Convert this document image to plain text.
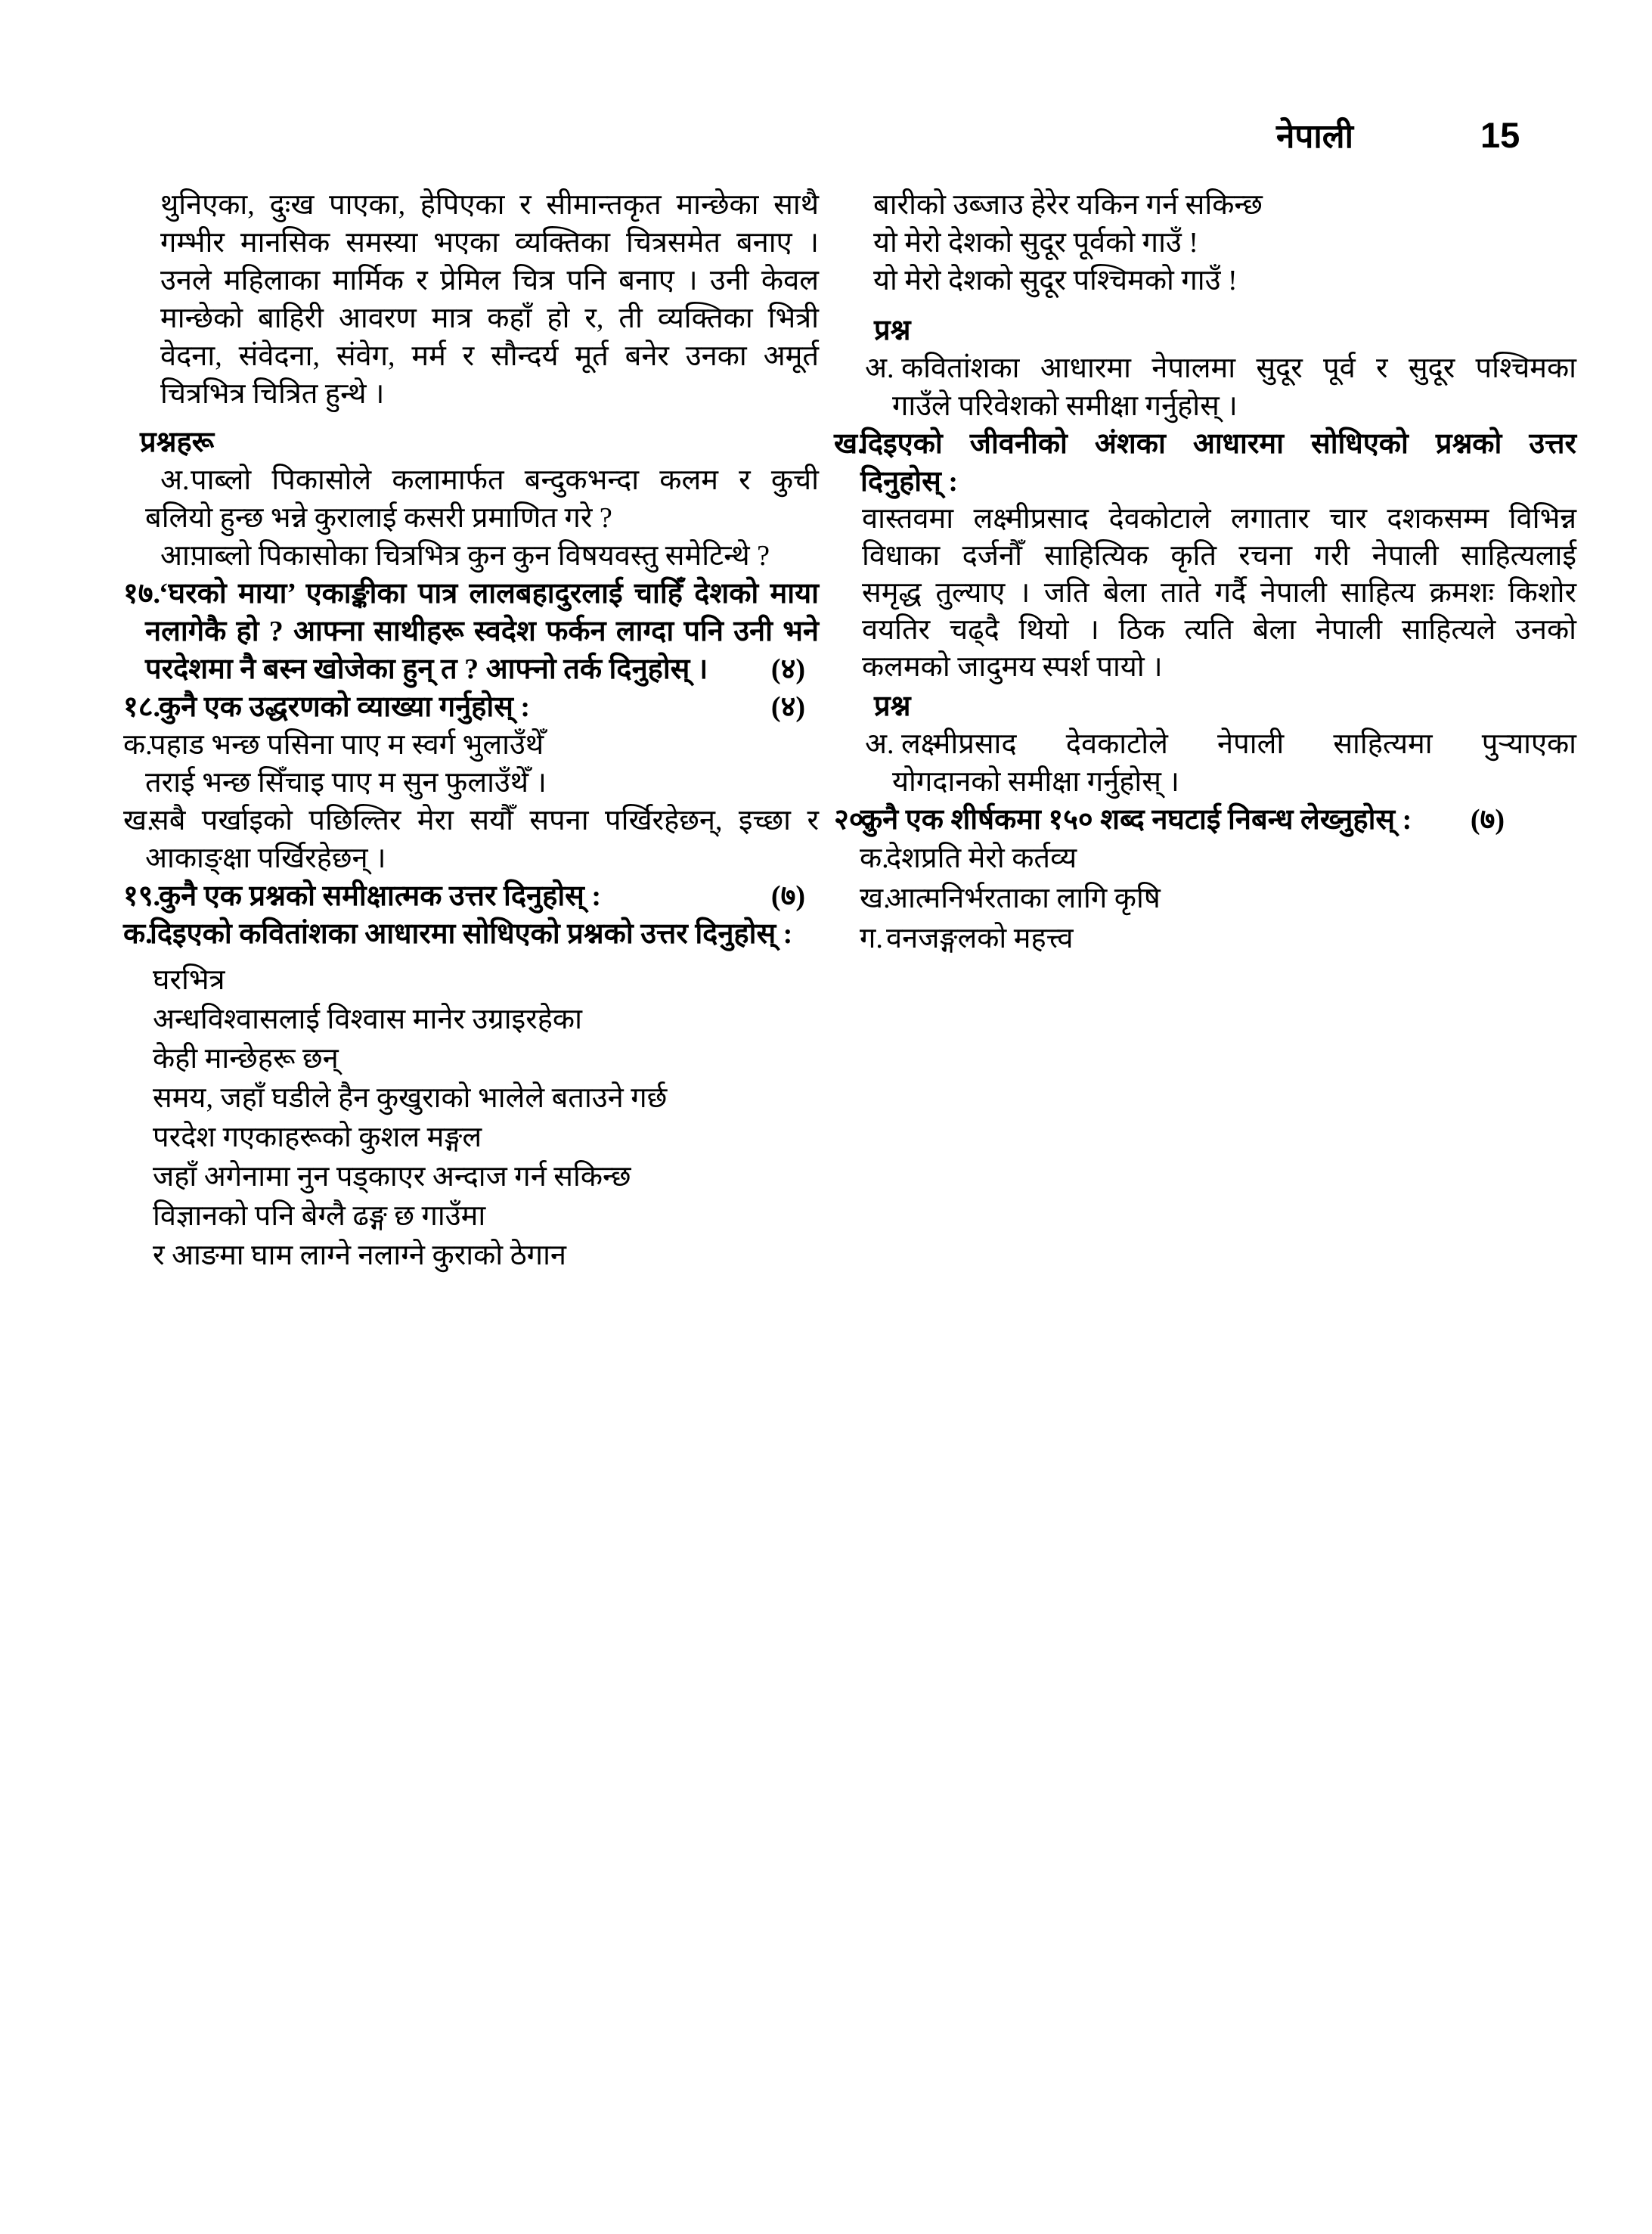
नेपाली	15
थुनिएका, दुःख पाएका, हेपिएका र सीमान्तकृत मान्छेका साथै
गम्भीर मानसिक समस्या भएका व्यक्तिका चित्रसमेत बनाए ।
उनले महिलाका मार्मिक र प्रेमिल चित्र पनि बनाए । उनी केवल
मान्छेको बाहिरी आवरण मात्र कहाँ हो र, ती व्यक्तिका भित्री
वेदना, संवेदना, संवेग, मर्म र सौन्दर्य मूर्त बनेर उनका अमूर्त
चित्रभित्र चित्रित हुन्थे ।
प्रश्नहरू
अ. पाब्लो पिकासोले कलामार्फत बन्दुकभन्दा कलम र कुची
बलियो हुन्छ भन्ने कुरालाई कसरी प्रमाणित गरे ?
आ.
पाब्लो पिकासोका चित्रभित्र कुन कुन विषयवस्तु समेटिन्थे ?
१७.
‘घरको माया’ एकाङ्कीका पात्र लालबहादुरलाई चाहिँ देशको माया
नलागेकै हो ? आफ्ना साथीहरू स्वदेश फर्कन लाग्दा पनि उनी भने
परदेशमा नै बस्न खोजेका हुन् त ? आफ्नो तर्क दिनुहोस् । (४)
१८.
कुनै एक उद्धरणको व्याख्या गर्नुहोस् :	(४)
क.
पहाड भन्छ पसिना पाए म स्वर्ग भुलाउँथेँ
तराई भन्छ सिँचाइ पाए म सुन फुलाउँथेँ ।
ख.
सबै पर्खाइको पछिल्तिर मेरा सयौँ सपना पर्खिरहेछन्, इच्छा र
आकाङ्क्षा पर्खिरहेछन् ।
१९.
कुनै एक प्रश्नको समीक्षात्मक उत्तर दिनुहोस् :	(७)
क.
दिइएको कवितांशका आधारमा सोधिएको प्रश्नको उत्तर दिनुहोस् :
घरभित्र
अन्धविश्वासलाई विश्वास मानेर उग्राइरहेका
केही मान्छेहरू छन्
समय, जहाँ घडीले हैन कुखुराको भालेले बताउने गर्छ
परदेश गएकाहरूको कुशल मङ्गल
जहाँ अगेनामा नुन पड्काएर अन्दाज गर्न सकिन्छ
विज्ञानको पनि बेग्लै ढङ्ग छ गाउँमा
र आङमा घाम लाग्ने नलाग्ने कुराको ठेगान
बारीको उब्जाउ हेरेर यकिन गर्न सकिन्छ
यो मेरो देशको सुदूर पूर्वको गाउँ !
यो मेरो देशको सुदूर पश्चिमको गाउँ !
प्रश्न
अ. कवितांशका आधारमा नेपालमा सुदूर पूर्व र सुदूर पश्चिमका
गाउँले परिवेशको समीक्षा गर्नुहोस् ।
ख.
दिइएको जीवनीको अंशका आधारमा सोधिएको प्रश्नको उत्तर
दिनुहोस् :
वास्तवमा लक्ष्मीप्रसाद देवकोटाले लगातार चार दशकसम्म विभिन्न
विधाका दर्जनौँ साहित्यिक कृति रचना गरी नेपाली साहित्यलाई
समृद्ध तुल्याए । जति बेला ताते गर्दै नेपाली साहित्य क्रमशः किशोर
वयतिर चढ्दै थियो । ठिक त्यति बेला नेपाली साहित्यले उनको
कलमको जादुमय स्पर्श पायो ।
प्रश्न
अ. लक्ष्मीप्रसाद देवकाटोले नेपाली साहित्यमा पुऱ्याएका
योगदानको समीक्षा गर्नुहोस् ।
२०.
कुनै एक शीर्षकमा १५० शब्द नघटाई निबन्ध लेख्नुहोस् :	(७)
क.
देशप्रति मेरो कर्तव्य
ख.
आत्मनिर्भरताका लागि कृषि
ग. वनजङ्गलको महत्त्व
